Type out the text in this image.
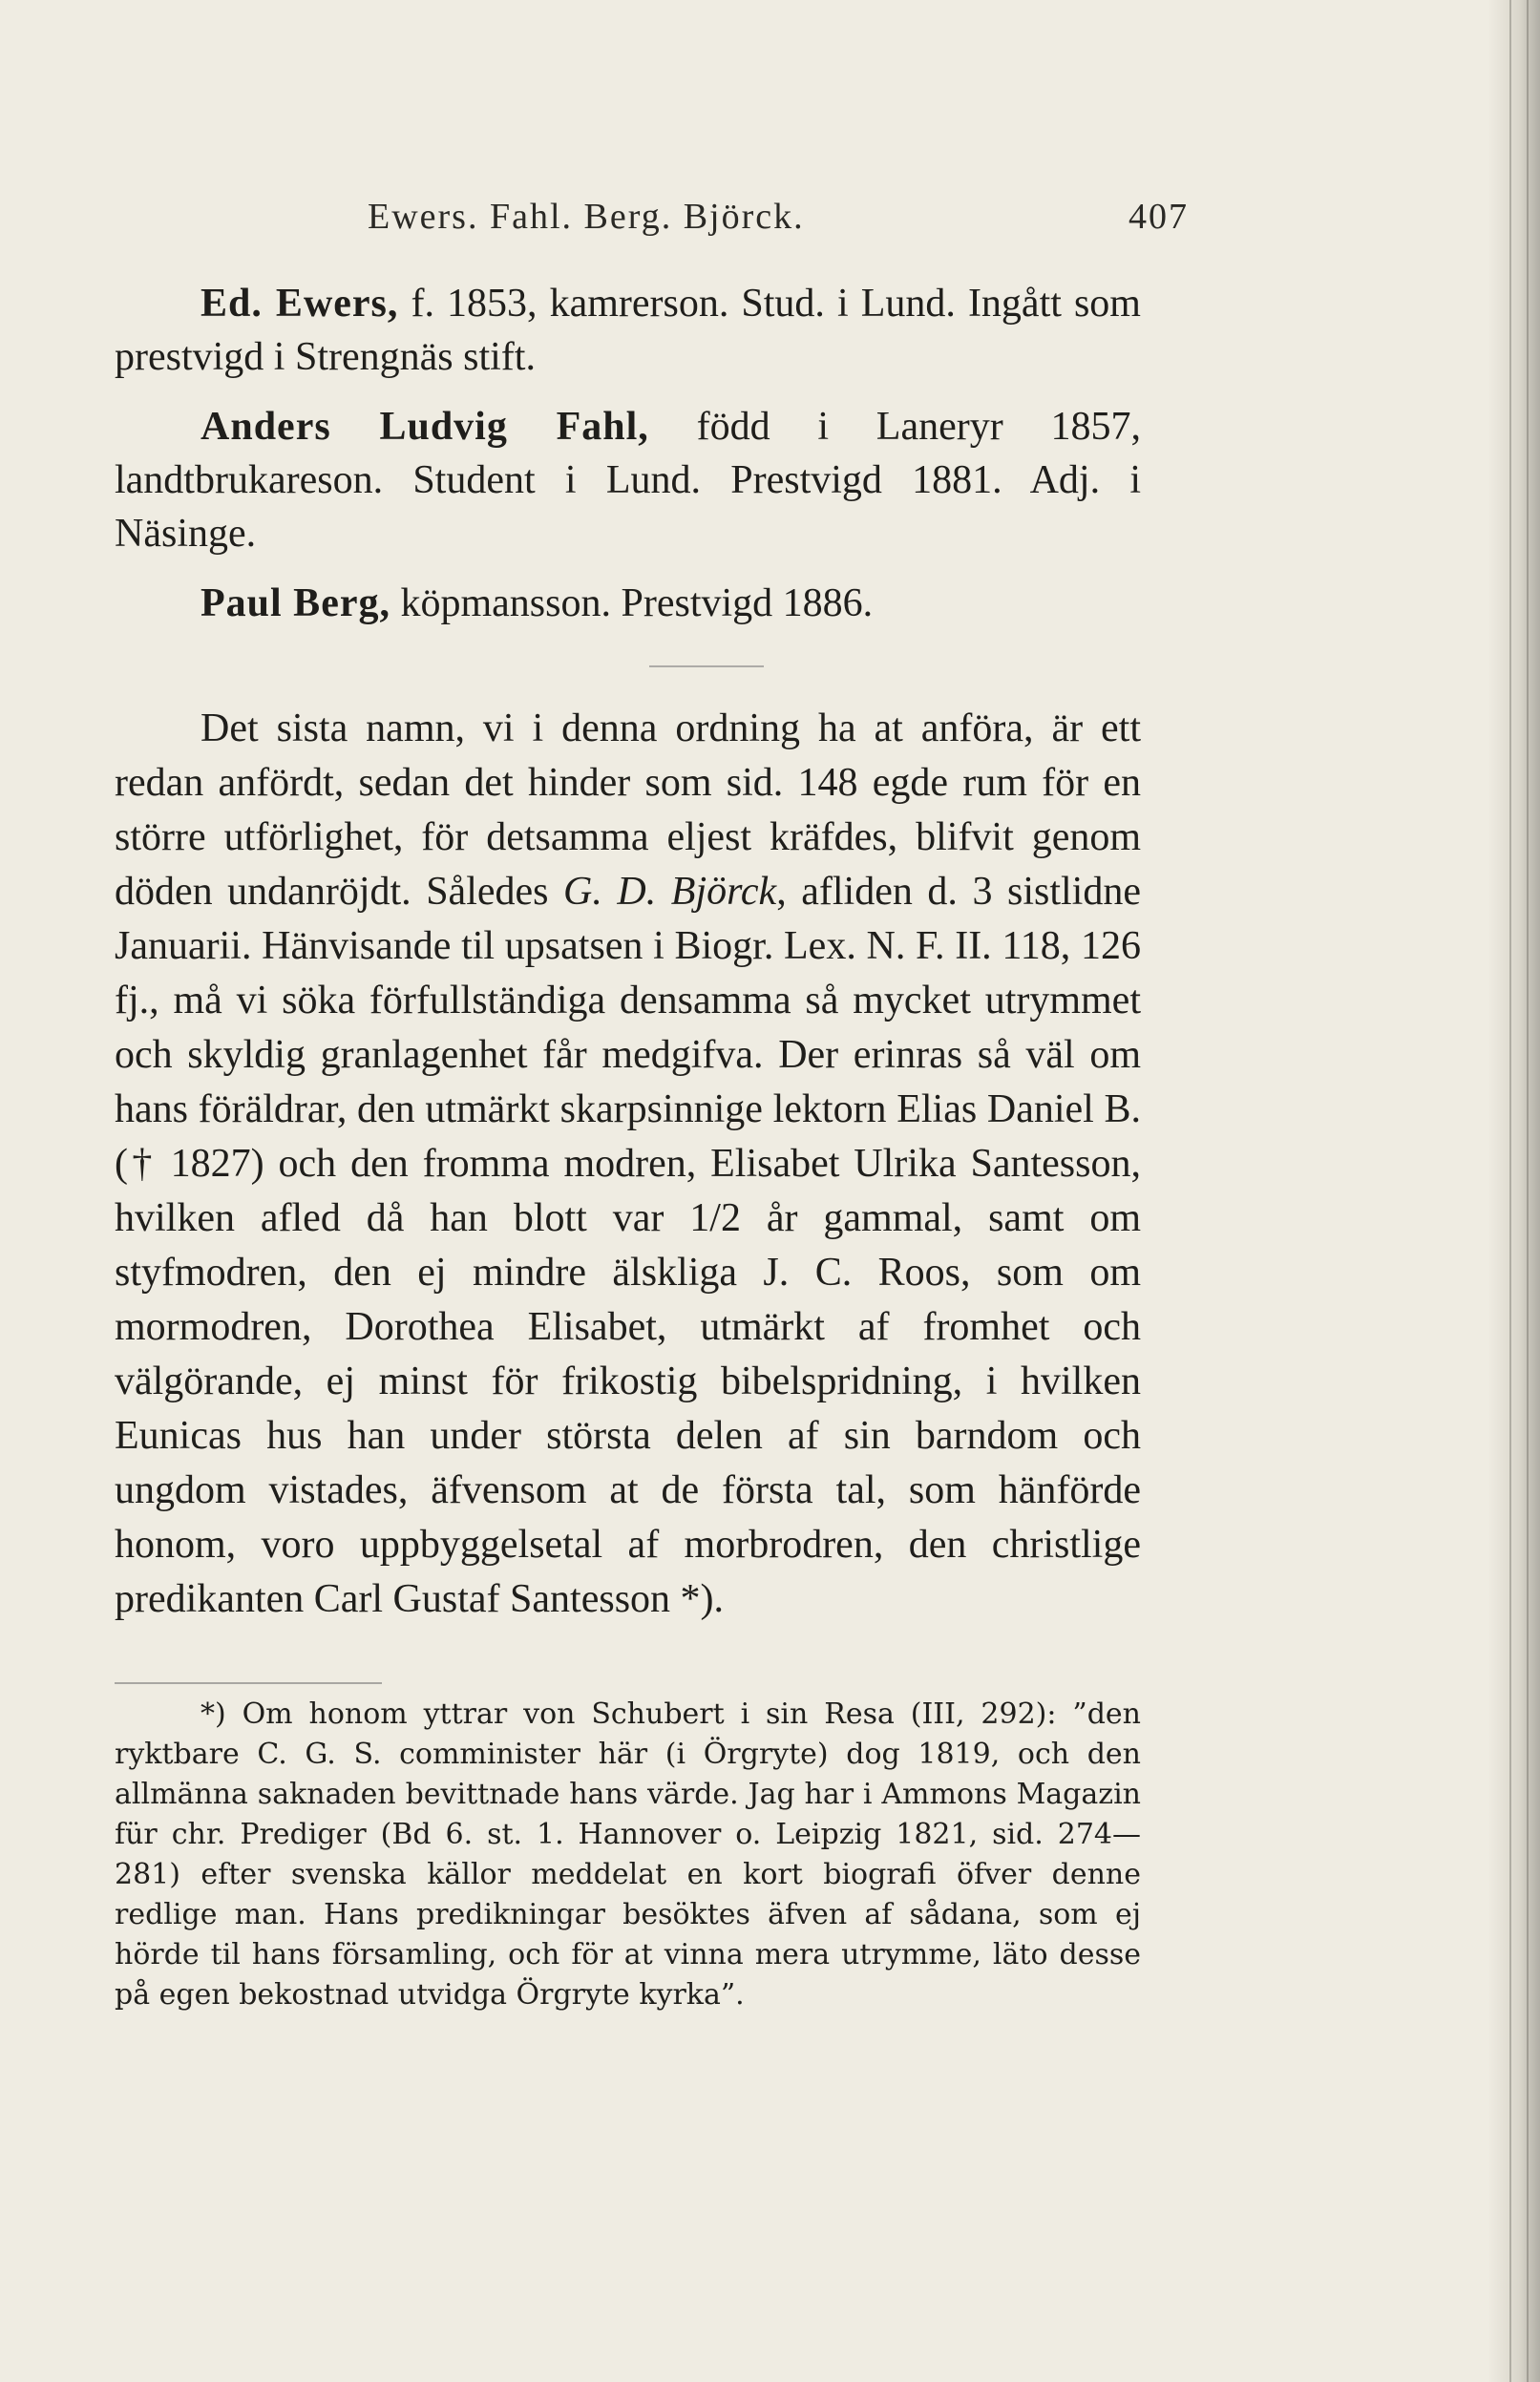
Ewers. Fahl. Berg. Björck.	407

Ed. Ewers, f. 1853, kamrerson. Stud. i Lund. Ingått som prestvigd i Strengnäs stift.

Anders Ludvig Fahl, född i Laneryr 1857, landtbrukareson. Student i Lund. Prestvigd 1881. Adj. i Näsinge.

Paul Berg, köpmansson. Prestvigd 1886.

Det sista namn, vi i denna ordning ha at anföra, är ett redan anfördt, sedan det hinder som sid. 148 egde rum för en större utförlighet, för detsamma eljest kräfdes, blifvit genom döden undanröjdt. Således G. D. Björck, afliden d. 3 sistlidne Januarii. Hänvisande til upsatsen i Biogr. Lex. N. F. II. 118, 126 fj., må vi söka förfullständiga densamma så mycket utrymmet och skyldig granlagenhet får medgifva. Der erinras så väl om hans föräldrar, den utmärkt skarpsinnige lektorn Elias Daniel B. († 1827) och den fromma modren, Elisabet Ulrika Santesson, hvilken afled då han blott var 1/2 år gammal, samt om styfmodren, den ej mindre älskliga J. C. Roos, som om mormodren, Dorothea Elisabet, utmärkt af fromhet och välgörande, ej minst för frikostig bibelspridning, i hvilken Eunicas hus han under största delen af sin barndom och ungdom vistades, äfvensom at de första tal, som hänförde honom, voro uppbyggelsetal af morbrodren, den christlige predikanten Carl Gustaf Santesson *).

*) Om honom yttrar von Schubert i sin Resa (III, 292): ”den ryktbare C. G. S. comminister här (i Örgryte) dog 1819, och den allmänna saknaden bevittnade hans värde. Jag har i Ammons Magazin für chr. Prediger (Bd 6. st. 1. Hannover o. Leipzig 1821, sid. 274—281) efter svenska källor meddelat en kort biografi öfver denne redlige man. Hans predikningar besöktes äfven af sådana, som ej hörde til hans församling, och för at vinna mera utrymme, läto desse på egen bekostnad utvidga Örgryte kyrka”.
